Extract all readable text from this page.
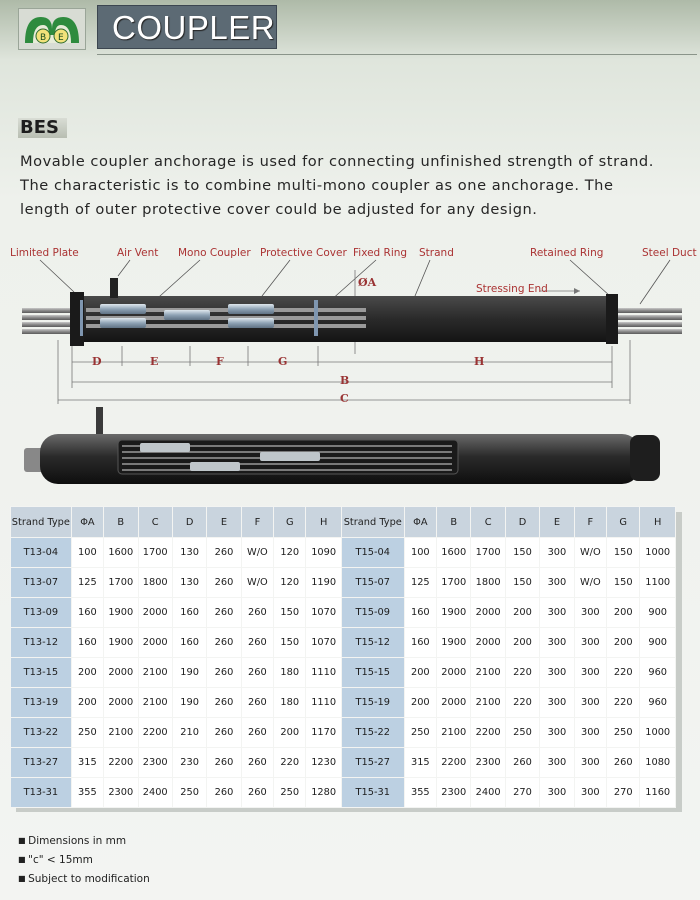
B E COUPLER
BES

Movable coupler anchorage is used for connecting unfinished strength of strand.

The characteristic is to combine multi-mono coupler as one anchorage. The

length of outer protective cover could be adjusted for any design.

Limited Plate	Air Vent Mono Coupler Protective Cover Fixed Ring Strand	Retained Ring	Steel Duct
Stressing End
ØA
D	E	F	G	H
B
C
Strand Type	ΦA	B	C	D	E	F	G	H	Strand Type	ΦA	B	C	D	E	F	G	H
T13-04	100	1600	1700	130	260	W/O	120	1090	T15-04	100	1600	1700	150	300	W/O	150	1000
T13-07	125	1700	1800	130	260	W/O	120	1190	T15-07	125	1700	1800	150	300	W/O	150	1100
T13-09	160	1900	2000	160	260	260	150	1070	T15-09	160	1900	2000	200	300	300	200	900
T13-12	160	1900	2000	160	260	260	150	1070	T15-12	160	1900	2000	200	300	300	200	900
T13-15	200	2000	2100	190	260	260	180	1110	T15-15	200	2000	2100	220	300	300	220	960
T13-19	200	2000	2100	190	260	260	180	1110	T15-19	200	2000	2100	220	300	300	220	960
T13-22	250	2100	2200	210	260	260	200	1170	T15-22	250	2100	2200	250	300	300	250	1000
T13-27	315	2200	2300	230	260	260	220	1230	T15-27	315	2200	2300	260	300	300	260	1080
T13-31	355	2300	2400	250	260	260	250	1280	T15-31	355	2300	2400	270	300	300	270	1160
■ Dimensions in mm
■ "c" < 15mm
■ Subject to modification
